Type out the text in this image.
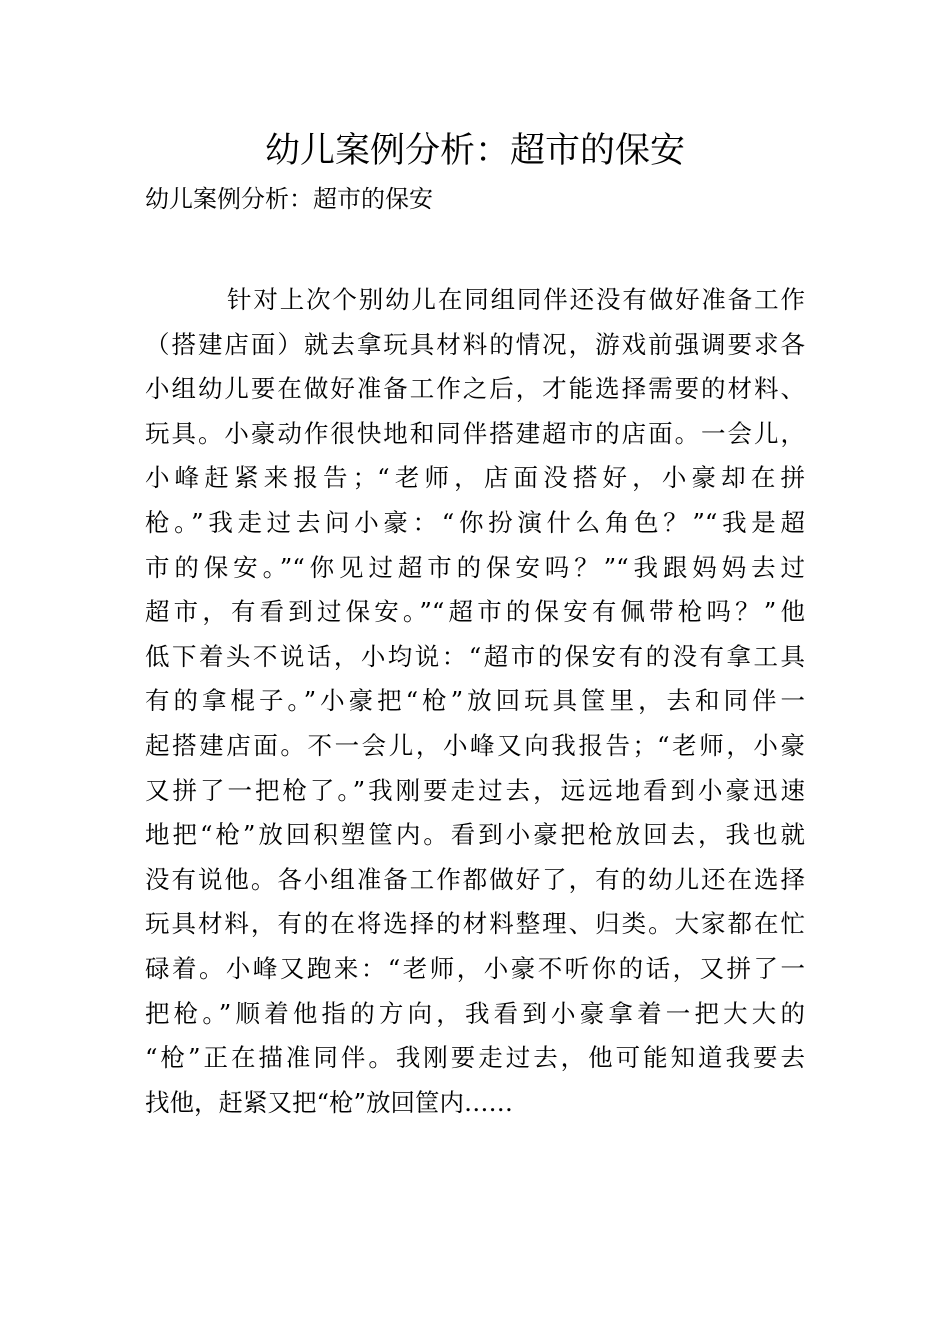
幼儿案例分析：超市的保安

幼儿案例分析：超市的保安

针对上次个别幼儿在同组同伴还没有做好准备工作
（搭建店面）就去拿玩具材料的情况，游戏前强调要求各
小组幼儿要在做好准备工作之后，才能选择需要的材料、
玩具。小豪动作很快地和同伴搭建超市的店面。一会儿，
小峰赶紧来报告；“老师，店面没搭好，小豪却在拼
枪。”我走过去问小豪：“你扮演什么角色？”“我是超
市的保安。”“你见过超市的保安吗？”“我跟妈妈去过
超市，有看到过保安。”“超市的保安有佩带枪吗？”他
低下着头不说话，小均说：“超市的保安有的没有拿工具
有的拿棍子。”小豪把“枪”放回玩具筐里，去和同伴一
起搭建店面。不一会儿，小峰又向我报告；“老师，小豪
又拼了一把枪了。”我刚要走过去，远远地看到小豪迅速
地把“枪”放回积塑筐内。看到小豪把枪放回去，我也就
没有说他。各小组准备工作都做好了，有的幼儿还在选择
玩具材料，有的在将选择的材料整理、归类。大家都在忙
碌着。小峰又跑来：“老师，小豪不听你的话，又拼了一
把枪。”顺着他指的方向，我看到小豪拿着一把大大的
“枪”正在描准同伴。我刚要走过去，他可能知道我要去
找他，赶紧又把“枪”放回筐内……
